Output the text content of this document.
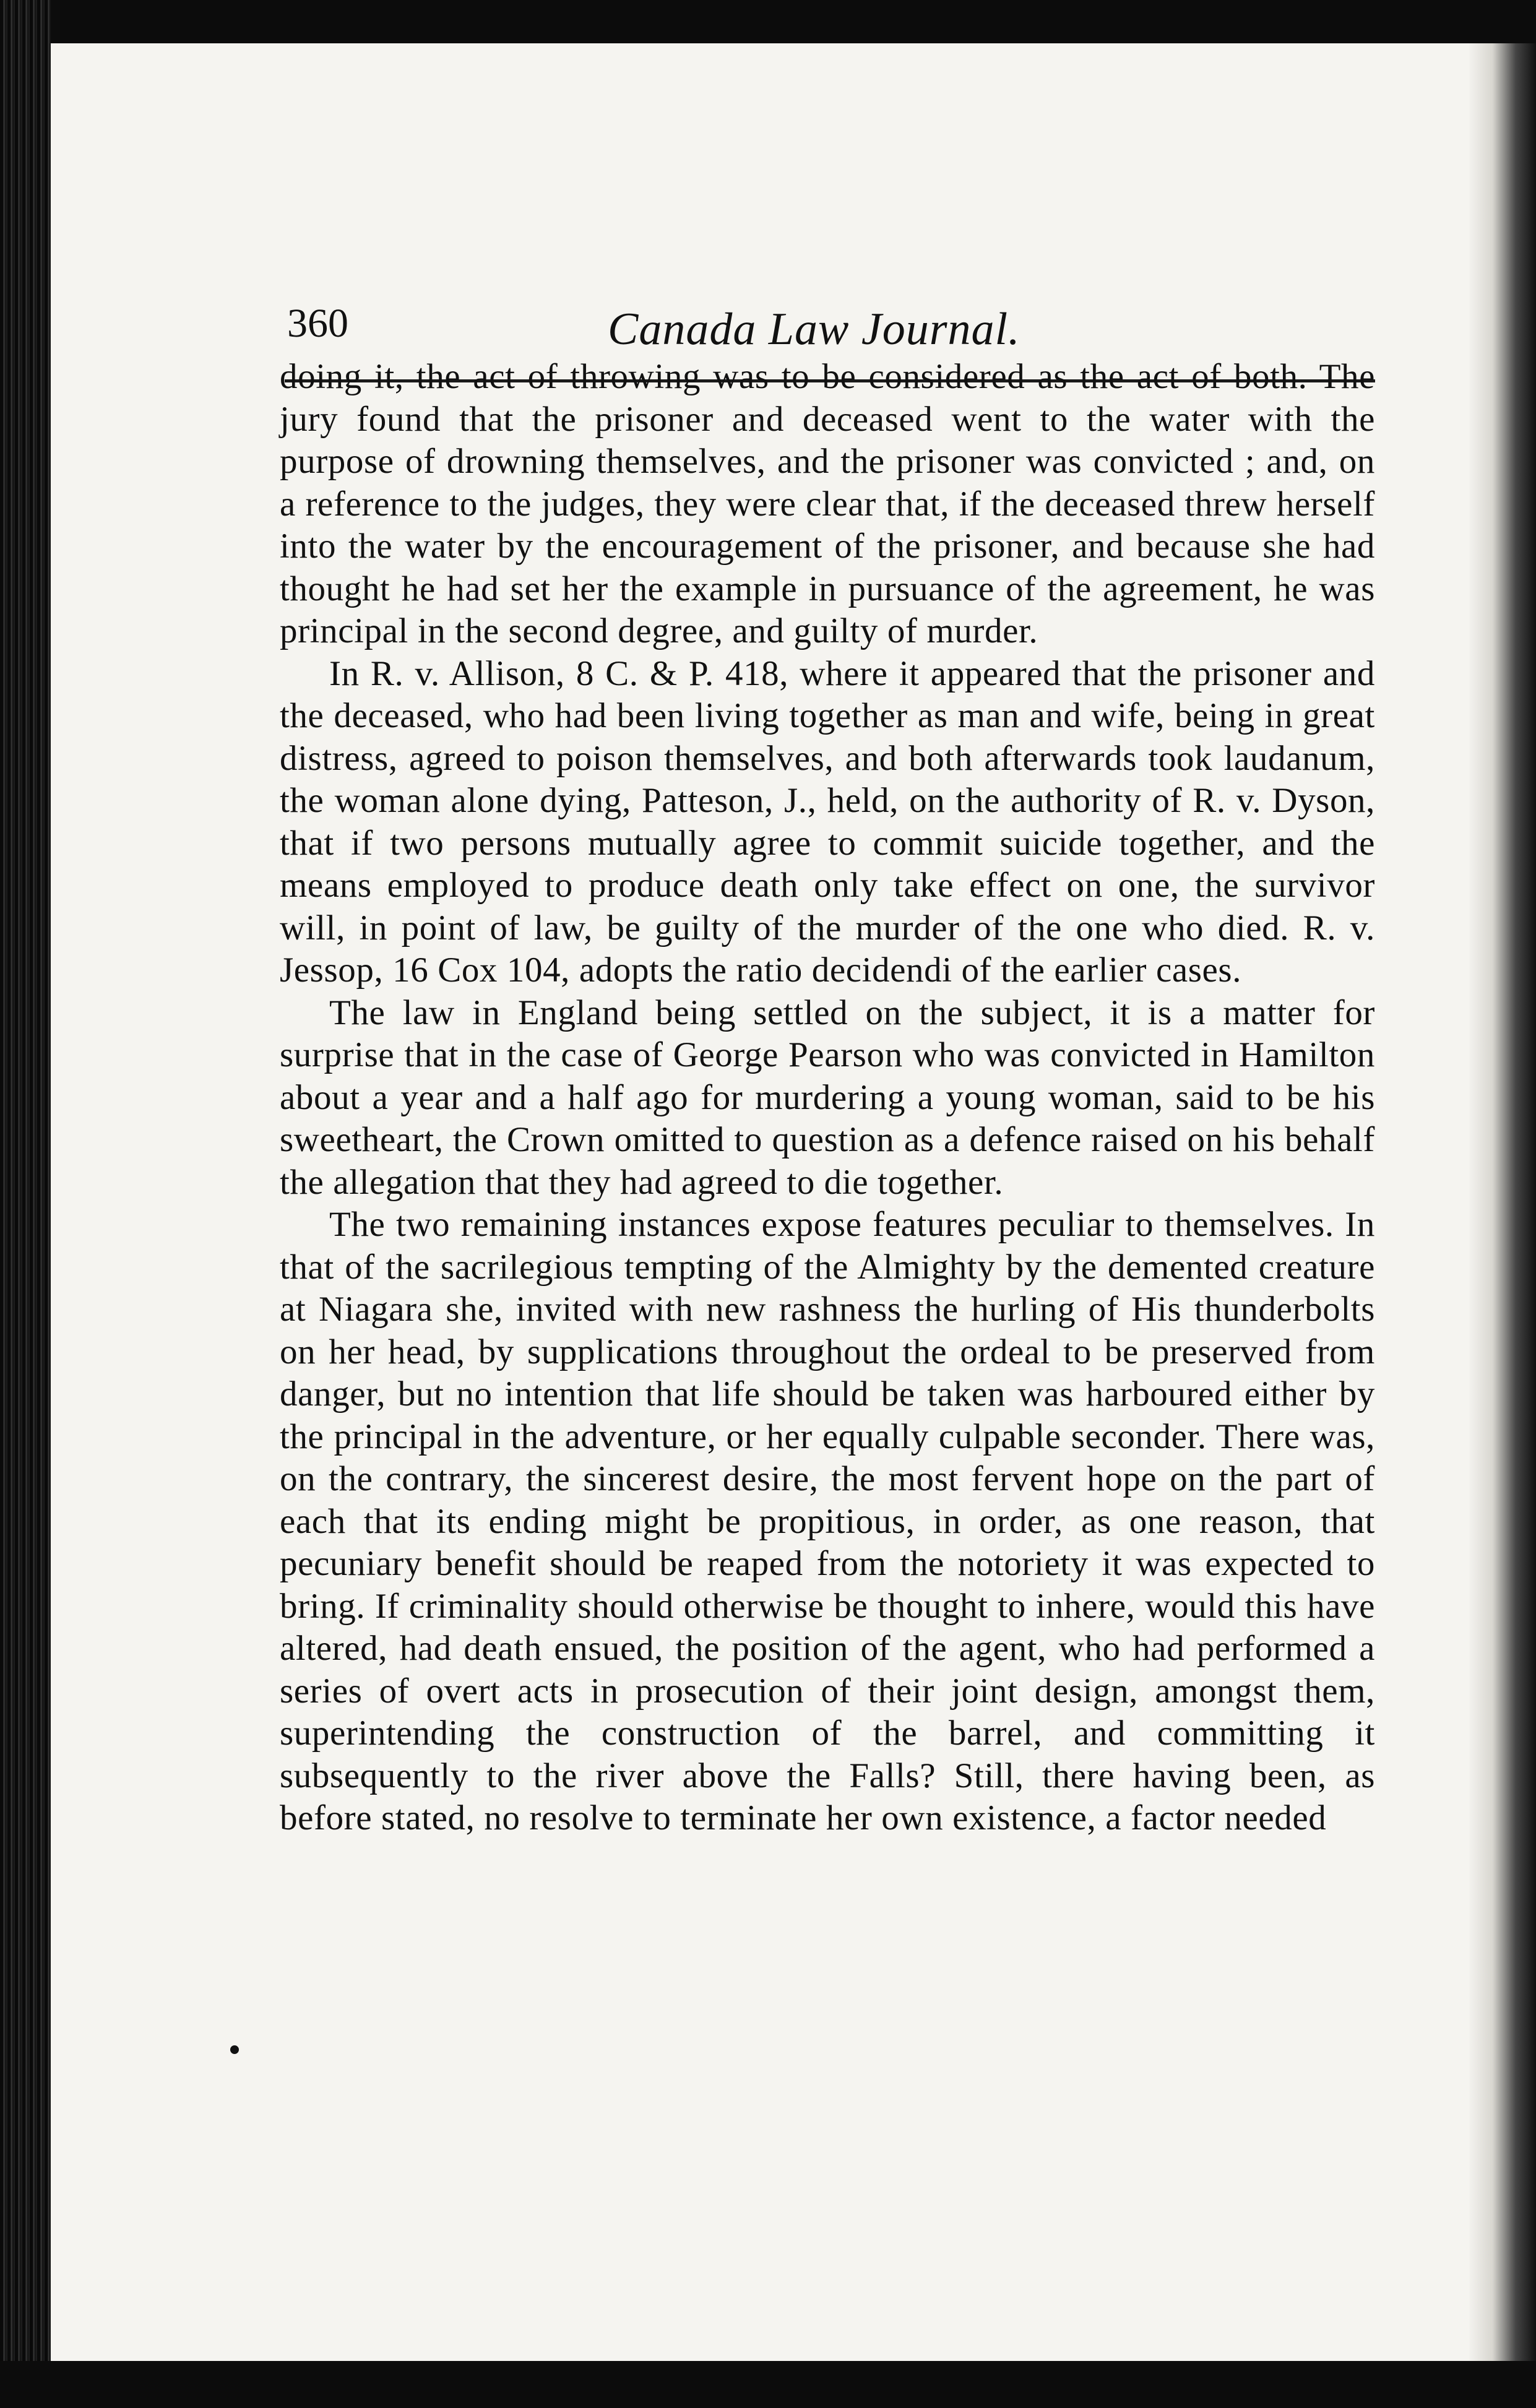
360	Canada Law Journal.

doing it, the act of throwing was to be considered as the act of both. The jury found that the prisoner and deceased went to the water with the purpose of drowning themselves, and the prisoner was convicted ; and, on a reference to the judges, they were clear that, if the deceased threw herself into the water by the encouragement of the prisoner, and because she had thought he had set her the example in pursuance of the agreement, he was principal in the second degree, and guilty of murder.

In R. v. Allison, 8 C. & P. 418, where it appeared that the prisoner and the deceased, who had been living together as man and wife, being in great distress, agreed to poison themselves, and both afterwards took laudanum, the woman alone dying, Patteson, J., held, on the authority of R. v. Dyson, that if two persons mutually agree to commit suicide together, and the means employed to produce death only take effect on one, the survivor will, in point of law, be guilty of the murder of the one who died. R. v. Jessop, 16 Cox 104, adopts the ratio decidendi of the earlier cases.

The law in England being settled on the subject, it is a matter for surprise that in the case of George Pearson who was convicted in Hamilton about a year and a half ago for murdering a young woman, said to be his sweetheart, the Crown omitted to question as a defence raised on his behalf the allegation that they had agreed to die together.

The two remaining instances expose features peculiar to themselves. In that of the sacrilegious tempting of the Almighty by the demented creature at Niagara she, invited with new rashness the hurling of His thunderbolts on her head, by supplications throughout the ordeal to be preserved from danger, but no intention that life should be taken was harboured either by the principal in the adventure, or her equally culpable seconder. There was, on the contrary, the sincerest desire, the most fervent hope on the part of each that its ending might be propitious, in order, as one reason, that pecuniary benefit should be reaped from the notoriety it was expected to bring. If criminality should otherwise be thought to inhere, would this have altered, had death ensued, the position of the agent, who had performed a series of overt acts in prosecution of their joint design, amongst them, superintending the construction of the barrel, and committing it subsequently to the river above the Falls? Still, there having been, as before stated, no resolve to terminate her own existence, a factor needed
